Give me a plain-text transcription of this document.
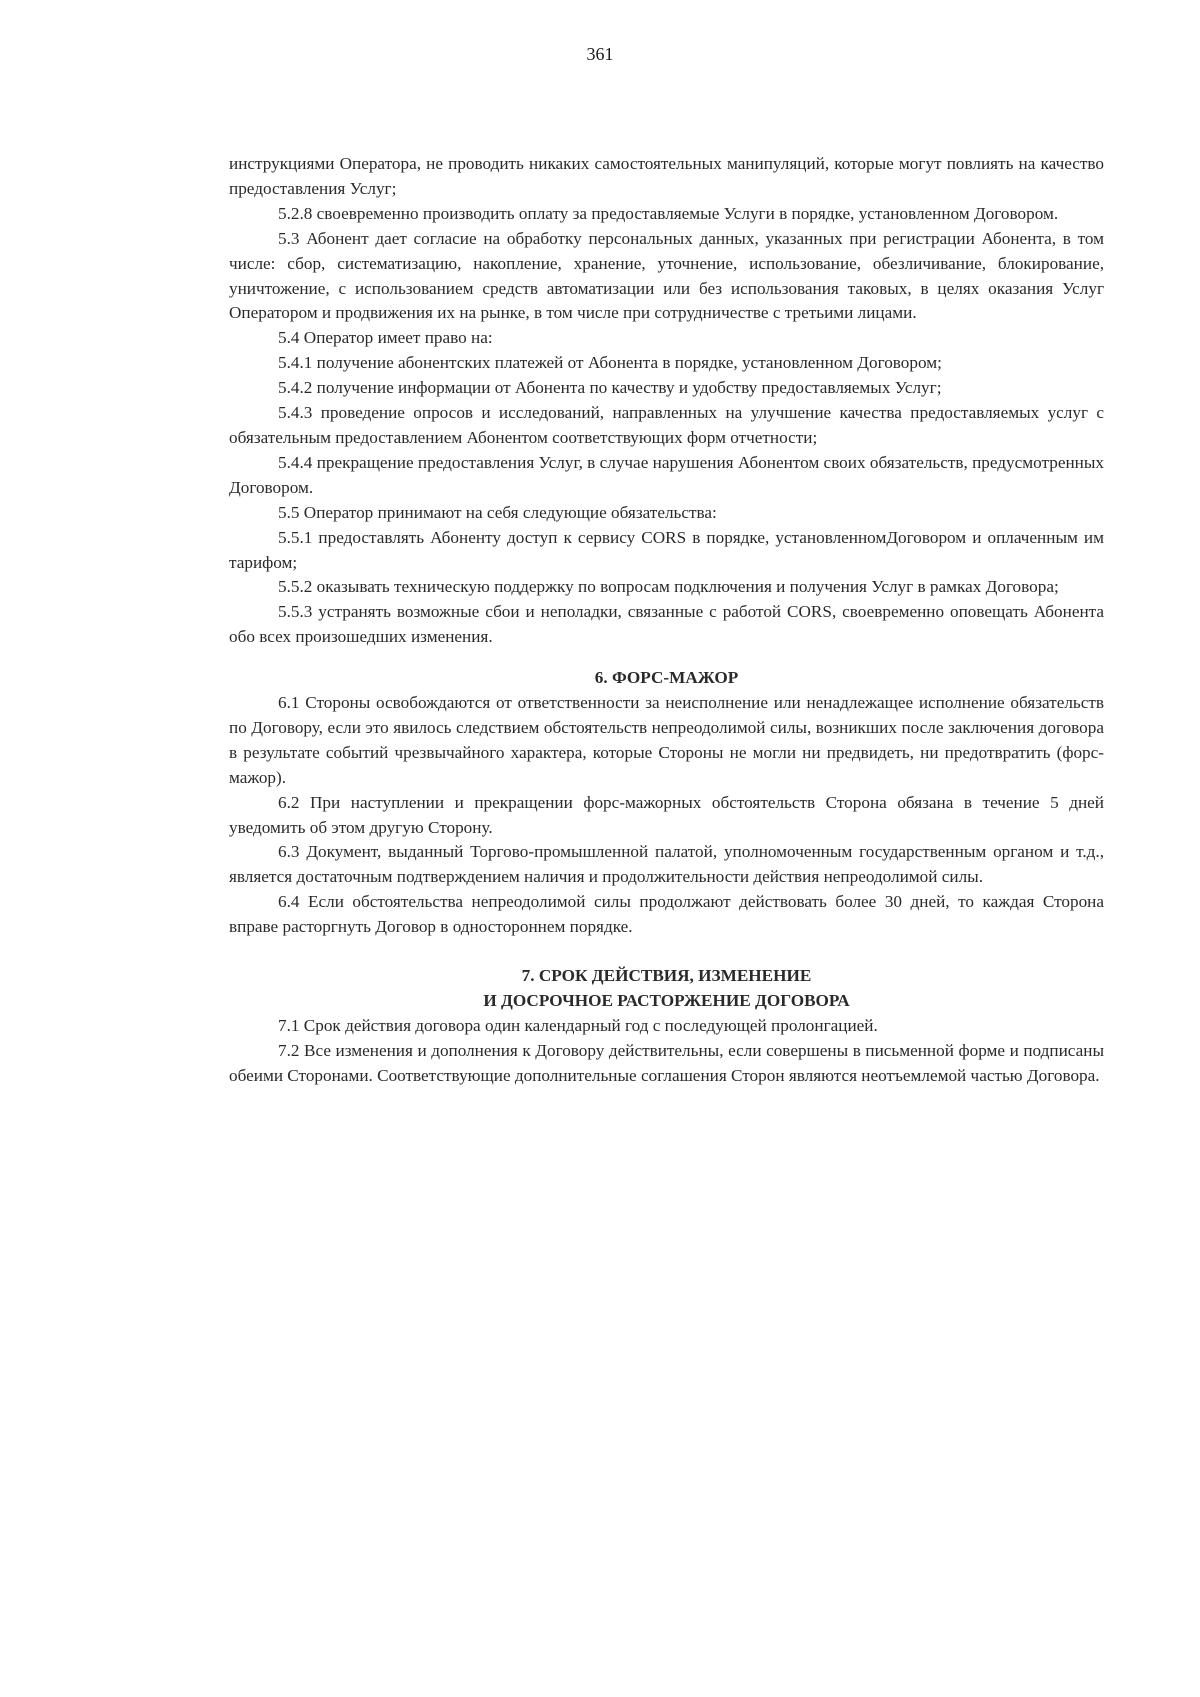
361

инструкциями Оператора, не проводить никаких самостоятельных манипуляций, которые могут повлиять на качество предоставления Услуг;

5.2.8 своевременно производить оплату за предоставляемые Услуги в порядке, установленном Договором.

5.3 Абонент дает согласие на обработку персональных данных, указанных при регистрации Абонента, в том числе: сбор, систематизацию, накопление, хранение, уточнение, использование, обезличивание, блокирование, уничтожение, с использованием средств автоматизации или без использования таковых, в целях оказания Услуг Оператором и продвижения их на рынке, в том числе при сотрудничестве с третьими лицами.

5.4 Оператор имеет право на:

5.4.1 получение абонентских платежей от Абонента в порядке, установленном Договором;

5.4.2 получение информации от Абонента по качеству и удобству предоставляемых Услуг;

5.4.3 проведение опросов и исследований, направленных на улучшение качества предоставляемых услуг с обязательным предоставлением Абонентом соответствующих форм отчетности;

5.4.4 прекращение предоставления Услуг, в случае нарушения Абонентом своих обязательств, предусмотренных Договором.

5.5 Оператор принимают на себя следующие обязательства:

5.5.1 предоставлять Абоненту доступ к сервису CORS в порядке, установленномДоговором и оплаченным им тарифом;

5.5.2 оказывать техническую поддержку по вопросам подключения и получения Услуг в рамках Договора;

5.5.3 устранять возможные сбои и неполадки, связанные с работой CORS, своевременно оповещать Абонента обо всех произошедших изменения.

6. ФОРС-МАЖОР

6.1 Стороны освобождаются от ответственности за неисполнение или ненадлежащее исполнение обязательств по Договору, если это явилось следствием обстоятельств непреодолимой силы, возникших после заключения договора в результате событий чрезвычайного характера, которые Стороны не могли ни предвидеть, ни предотвратить (форс-мажор).

6.2 При наступлении и прекращении форс-мажорных обстоятельств Сторона обязана в течение 5 дней уведомить об этом другую Сторону.

6.3 Документ, выданный Торгово-промышленной палатой, уполномоченным государственным органом и т.д., является достаточным подтверждением наличия и продолжительности действия непреодолимой силы.

6.4 Если обстоятельства непреодолимой силы продолжают действовать более 30 дней, то каждая Сторона вправе расторгнуть Договор в одностороннем порядке.

7. СРОК ДЕЙСТВИЯ, ИЗМЕНЕНИЕ
И ДОСРОЧНОЕ РАСТОРЖЕНИЕ ДОГОВОРА

7.1 Срок действия договора один календарный год с последующей пролонгацией.

7.2 Все изменения и дополнения к Договору действительны, если совершены в письменной форме и подписаны обеими Сторонами. Соответствующие дополнительные соглашения Сторон являются неотъемлемой частью Договора.
